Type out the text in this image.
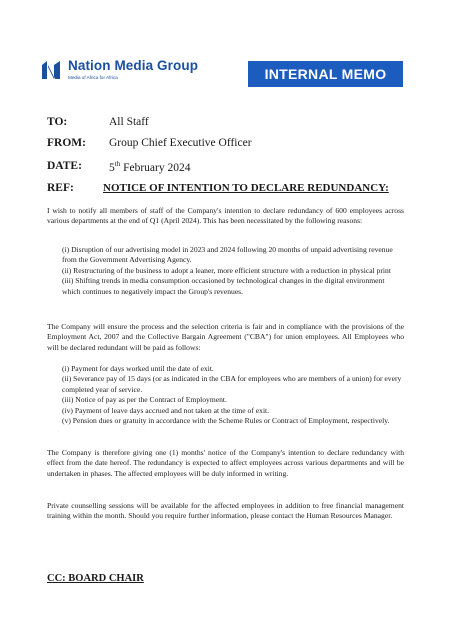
Nation Media Group
Media of Africa for Africa	INTERNAL MEMO
TO:	All Staff
FROM: Group Chief Executive Officer
DATE: 5th February 2024
REF:	NOTICE OF INTENTION TO DECLARE REDUNDANCY:
I wish to notify all members of staff of the Company's intention to declare redundancy of 600 employees across various departments at the end of Q1 (April 2024). This has been necessitated by the following reasons:
(i) Disruption of our advertising model in 2023 and 2024 following 20 months of unpaid advertising revenue from the Government Advertising Agency.
(ii) Restructuring of the business to adopt a leaner, more efficient structure with a reduction in physical print
(iii) Shifting trends in media consumption occasioned by technological changes in the digital environment which continues to negatively impact the Group's revenues.
The Company will ensure the process and the selection criteria is fair and in compliance with the provisions of the Employment Act, 2007 and the Collective Bargain Agreement ("CBA") for union employees. All Employees who will be declared redundant will be paid as follows:
(i) Payment for days worked until the date of exit.
(ii) Severance pay of 15 days (or as indicated in the CBA for employees who are members of a union) for every completed year of service.
(iii) Notice of pay as per the Contract of Employment.
(iv) Payment of leave days accrued and not taken at the time of exit.
(v) Pension dues or gratuity in accordance with the Scheme Rules or Contract of Employment, respectively.
The Company is therefore giving one (1) months' notice of the Company's intention to declare redundancy with effect from the date hereof. The redundancy is expected to affect employees across various departments and will be undertaken in phases. The affected employees will be duly informed in writing.
Private counselling sessions will be available for the affected employees in addition to free financial management training within the month. Should you require further information, please contact the Human Resources Manager.
CC: BOARD CHAIR
